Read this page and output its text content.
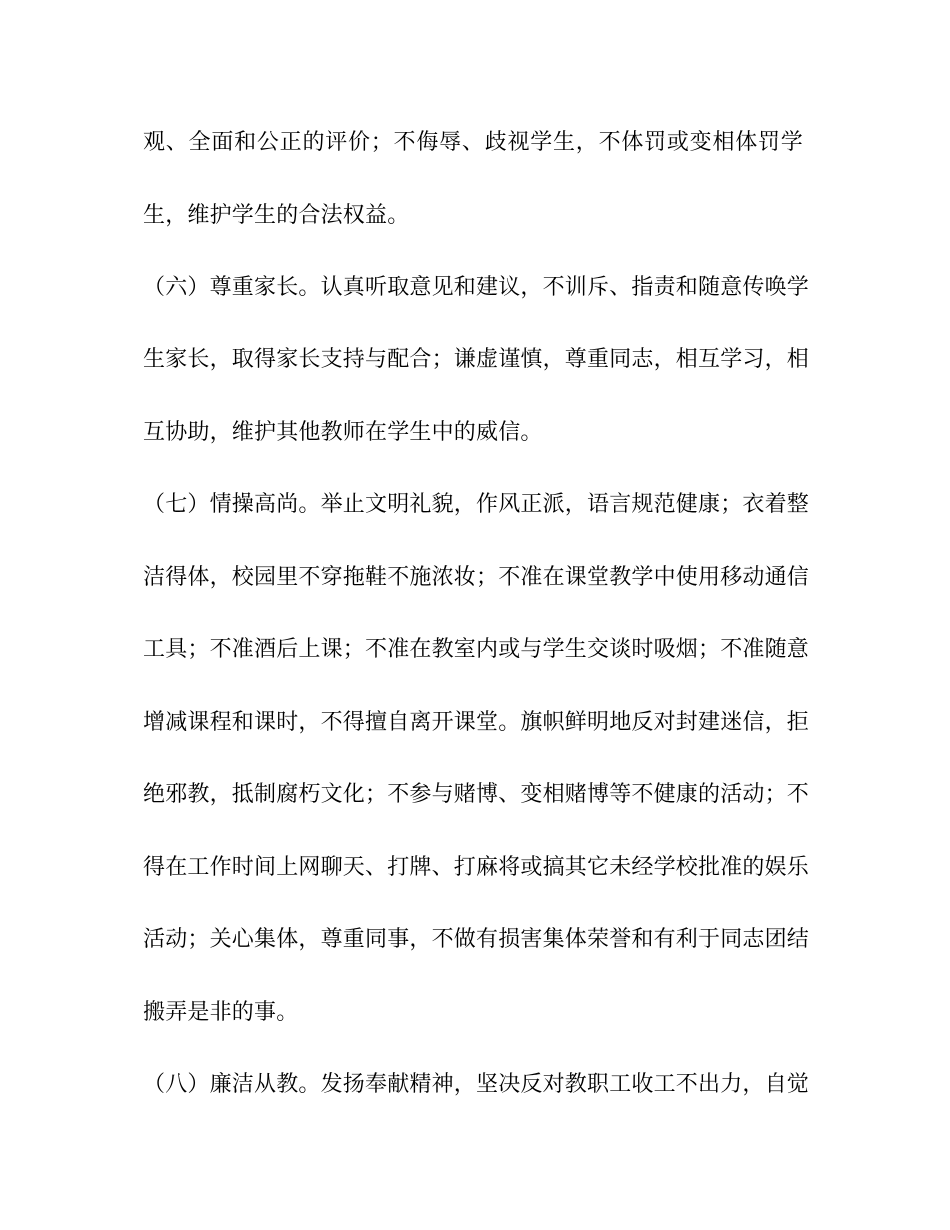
观、全面和公正的评价；不侮辱、歧视学生，不体罚或变相体罚学
生，维护学生的合法权益。
（六）尊重家长。认真听取意见和建议，不训斥、指责和随意传唤学
生家长，取得家长支持与配合；谦虚谨慎，尊重同志，相互学习，相
互协助，维护其他教师在学生中的威信。
（七）情操高尚。举止文明礼貌，作风正派，语言规范健康；衣着整
洁得体，校园里不穿拖鞋不施浓妆；不准在课堂教学中使用移动通信
工具；不准酒后上课；不准在教室内或与学生交谈时吸烟；不准随意
增减课程和课时，不得擅自离开课堂。旗帜鲜明地反对封建迷信，拒
绝邪教，抵制腐朽文化；不参与赌博、变相赌博等不健康的活动；不
得在工作时间上网聊天、打牌、打麻将或搞其它未经学校批准的娱乐
活动；关心集体，尊重同事，不做有损害集体荣誉和有利于同志团结
搬弄是非的事。
（八）廉洁从教。发扬奉献精神，坚决反对教职工收工不出力，自觉
